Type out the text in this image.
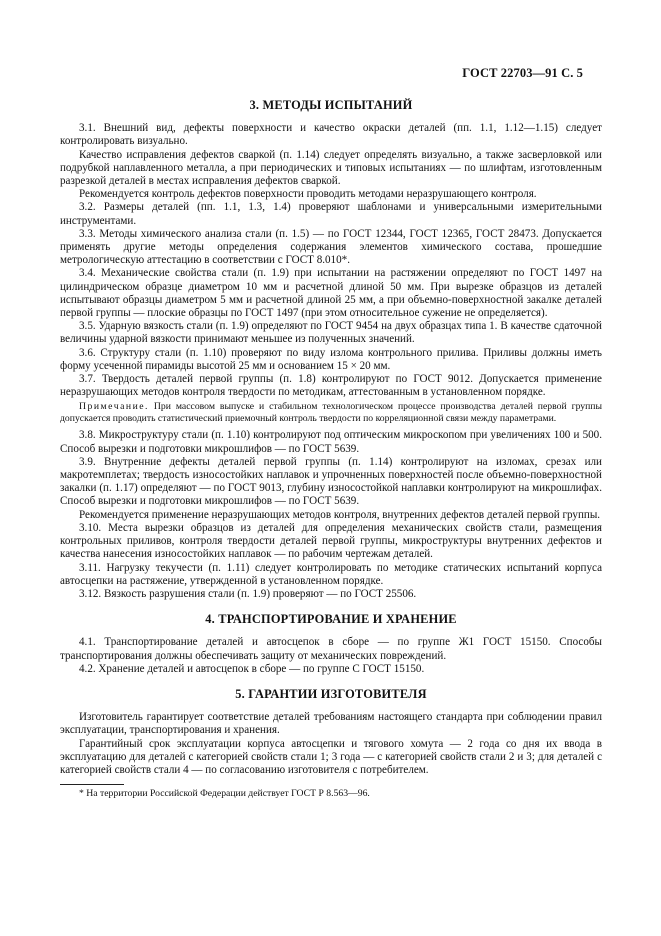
ГОСТ 22703—91 С. 5
3. МЕТОДЫ ИСПЫТАНИЙ

3.1. Внешний вид, дефекты поверхности и качество окраски деталей (пп. 1.1, 1.12—1.15) следует контролировать визуально.

Качество исправления дефектов сваркой (п. 1.14) следует определять визуально, а также засверловкой или подрубкой наплавленного металла, а при периодических и типовых испытаниях — по шлифтам, изготовленным разрезкой деталей в местах исправления дефектов сваркой.

Рекомендуется контроль дефектов поверхности проводить методами неразрушающего контроля.

3.2. Размеры деталей (пп. 1.1, 1.3, 1.4) проверяют шаблонами и универсальными измерительными инструментами.

3.3. Методы химического анализа стали (п. 1.5) — по ГОСТ 12344, ГОСТ 12365, ГОСТ 28473. Допускается применять другие методы определения содержания элементов химического состава, прошедшие метрологическую аттестацию в соответствии с ГОСТ 8.010*.

3.4. Механические свойства стали (п. 1.9) при испытании на растяжении определяют по ГОСТ 1497 на цилиндрическом образце диаметром 10 мм и расчетной длиной 50 мм. При вырезке образцов из деталей испытывают образцы диаметром 5 мм и расчетной длиной 25 мм, а при объемно-поверхностной закалке деталей первой группы — плоские образцы по ГОСТ 1497 (при этом относительное сужение не определяется).

3.5. Ударную вязкость стали (п. 1.9) определяют по ГОСТ 9454 на двух образцах типа 1. В качестве сдаточной величины ударной вязкости принимают меньшее из полученных значений.

3.6. Структуру стали (п. 1.10) проверяют по виду излома контрольного прилива. Приливы должны иметь форму усеченной пирамиды высотой 25 мм и основанием 15 × 20 мм.

3.7. Твердость деталей первой группы (п. 1.8) контролируют по ГОСТ 9012. Допускается применение неразрушающих методов контроля твердости по методикам, аттестованным в установленном порядке.

Примечание. При массовом выпуске и стабильном технологическом процессе производства деталей первой группы допускается проводить статистический приемочный контроль твердости по корреляционной связи между параметрами.

3.8. Микроструктуру стали (п. 1.10) контролируют под оптическим микроскопом при увеличениях 100 и 500. Способ вырезки и подготовки микрошлифов — по ГОСТ 5639.

3.9. Внутренние дефекты деталей первой группы (п. 1.14) контролируют на изломах, срезах или макротемплетах; твердость износостойких наплавок и упрочненных поверхностей после объемно-поверхностной закалки (п. 1.17) определяют — по ГОСТ 9013, глубину износостойкой наплавки контролируют на микрошлифах. Способ вырезки и подготовки микрошлифов — по ГОСТ 5639.

Рекомендуется применение неразрушающих методов контроля, внутренних дефектов деталей первой группы.

3.10. Места вырезки образцов из деталей для определения механических свойств стали, размещения контрольных приливов, контроля твердости деталей первой группы, микроструктуры внутренних дефектов и качества нанесения износостойких наплавок — по рабочим чертежам деталей.

3.11. Нагрузку текучести (п. 1.11) следует контролировать по методике статических испытаний корпуса автосцепки на растяжение, утвержденной в установленном порядке.

3.12. Вязкость разрушения стали (п. 1.9) проверяют — по ГОСТ 25506.

4. ТРАНСПОРТИРОВАНИЕ И ХРАНЕНИЕ

4.1. Транспортирование деталей и автосцепок в сборе — по группе Ж1 ГОСТ 15150. Способы транспортирования должны обеспечивать защиту от механических повреждений.

4.2. Хранение деталей и автосцепок в сборе — по группе С ГОСТ 15150.

5. ГАРАНТИИ ИЗГОТОВИТЕЛЯ

Изготовитель гарантирует соответствие деталей требованиям настоящего стандарта при соблюдении правил эксплуатации, транспортирования и хранения.

Гарантийный срок эксплуатации корпуса автосцепки и тягового хомута — 2 года со дня их ввода в эксплуатацию для деталей с категорией свойств стали 1; 3 года — с категорией свойств стали 2 и 3; для деталей с категорией свойств стали 4 — по согласованию изготовителя с потребителем.

* На территории Российской Федерации действует ГОСТ Р 8.563—96.
